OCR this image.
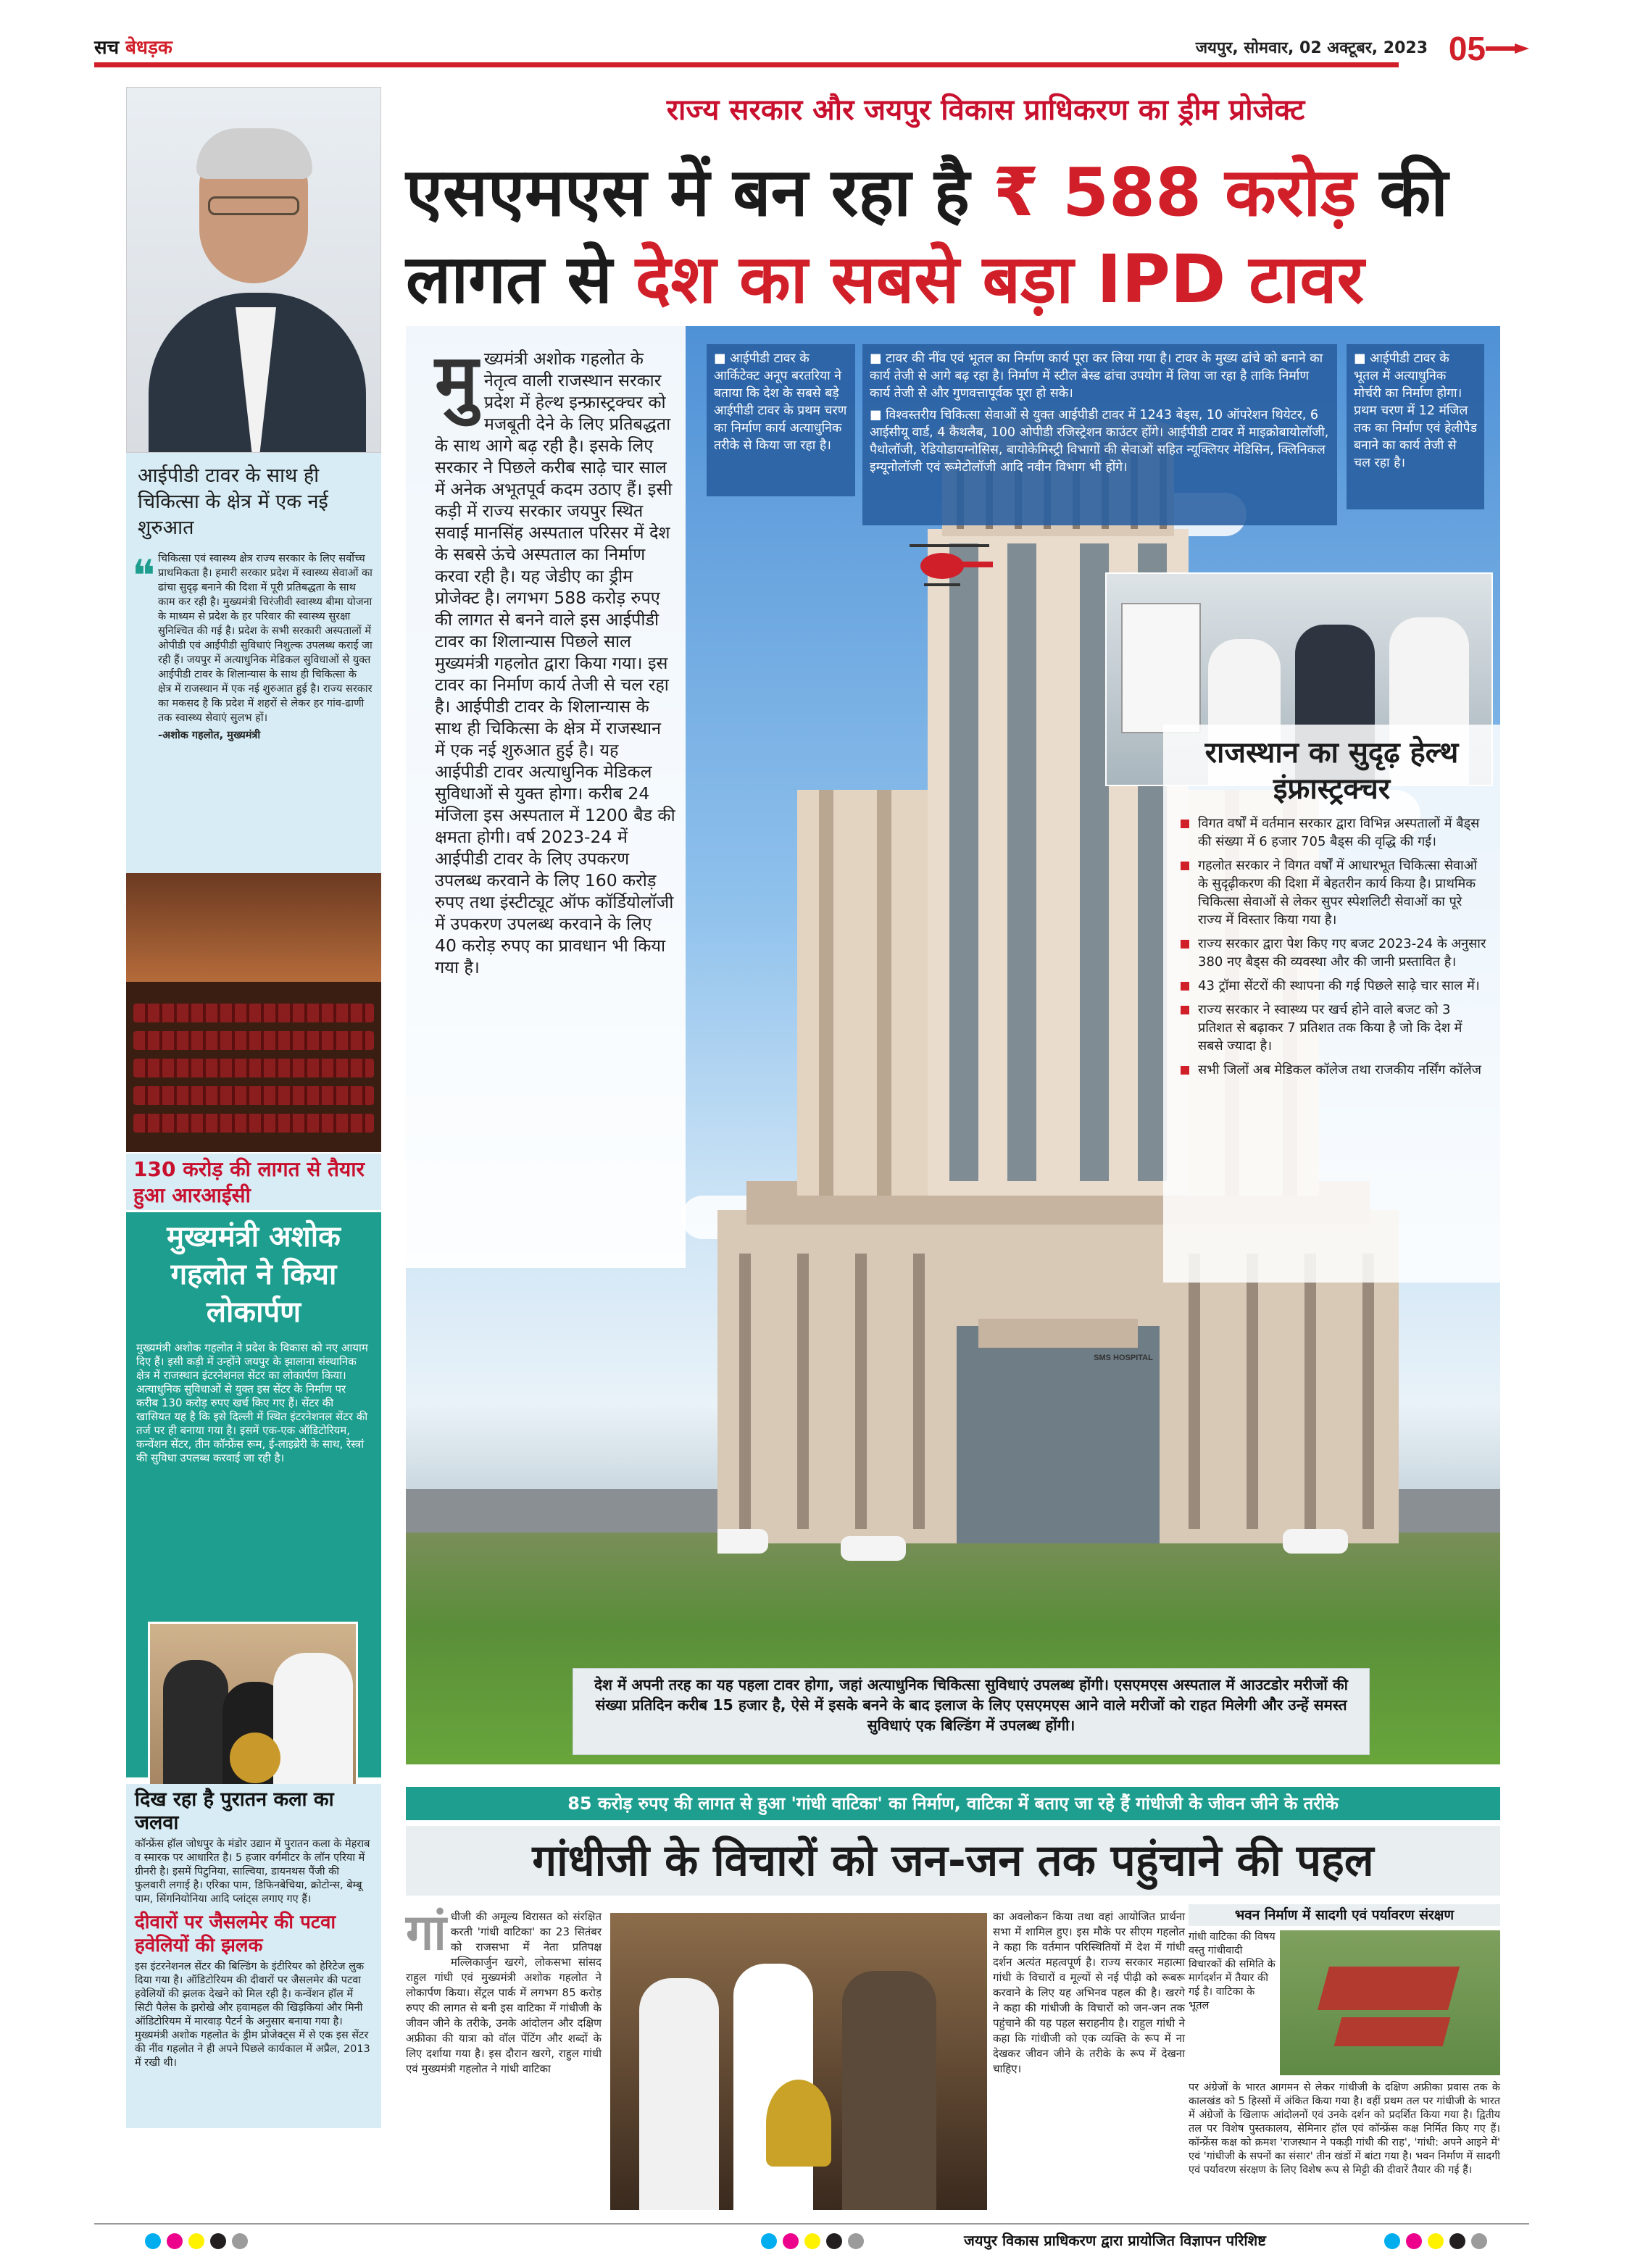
सच बेधड़क	जयपुर, सोमवार, 02 अक्टूबर, 2023 05
आईपीडी टावर के साथ ही चिकित्सा के क्षेत्र में एक नई शुरुआत
❝ चिकित्सा एवं स्वास्थ्य क्षेत्र राज्य सरकार के लिए सर्वोच्च प्राथमिकता है। हमारी सरकार प्रदेश में स्वास्थ्य सेवाओं का ढांचा सुदृढ़ बनाने की दिशा में पूरी प्रतिबद्धता के साथ काम कर रही है। मुख्यमंत्री चिरंजीवी स्वास्थ्य बीमा योजना के माध्यम से प्रदेश के हर परिवार की स्वास्थ्य सुरक्षा सुनिश्चित की गई है। प्रदेश के सभी सरकारी अस्पतालों में ओपीडी एवं आईपीडी सुविधाएं निशुल्क उपलब्ध कराई जा रही हैं। जयपुर में अत्याधुनिक मेडिकल सुविधाओं से युक्त आईपीडी टावर के शिलान्यास के साथ ही चिकित्सा के क्षेत्र में राजस्थान में एक नई शुरुआत हुई है। राज्य सरकार का मकसद है कि प्रदेश में शहरों से लेकर हर गांव-ढाणी तक स्वास्थ्य सेवाएं सुलभ हों।
-अशोक गहलोत, मुख्यमंत्री
130 करोड़ की लागत से तैयार हुआ आरआईसी
मुख्यमंत्री अशोक गहलोत ने किया लोकार्पण
मुख्यमंत्री अशोक गहलोत ने प्रदेश के विकास को नए आयाम दिए हैं। इसी कड़ी में उन्होंने जयपुर के झालाना संस्थानिक क्षेत्र में राजस्थान इंटरनेशनल सेंटर का लोकार्पण किया। अत्याधुनिक सुविधाओं से युक्त इस सेंटर के निर्माण पर करीब 130 करोड़ रुपए खर्च किए गए हैं। सेंटर की खासियत यह है कि इसे दिल्ली में स्थित इंटरनेशनल सेंटर की तर्ज पर ही बनाया गया है। इसमें एक-एक ऑडिटोरियम, कन्वेंशन सेंटर, तीन कॉन्फ्रेंस रूम, ई-लाइब्रेरी के साथ, रेस्त्रां की सुविधा उपलब्ध करवाई जा रही है।
दिख रहा है पुरातन कला का जलवा

कॉन्फ्रेंस हॉल जोधपुर के मंडोर उद्यान में पुरातन कला के मेहराब व स्मारक पर आधारित है। 5 हजार वर्गमीटर के लॉन एरिया में ग्रीनरी है। इसमें पिटुनिया, साल्विया, डायनथस पैंजी की फुलवारी लगाई है। एरिका पाम, डिफिनबेचिया, क्रोटोन्स, बेम्बू पाम, सिंगनियोनिया आदि प्लांट्स लगाए गए हैं।

दीवारों पर जैसलमेर की पटवा हवेलियों की झलक

इस इंटरनेशनल सेंटर की बिल्डिंग के इंटीरियर को हेरिटेज लुक दिया गया है। ऑडिटोरियम की दीवारों पर जैसलमेर की पटवा हवेलियों की झलक देखने को मिल रही है। कन्वेंशन हॉल में सिटी पैलेस के झरोखे और हवामहल की खिड़कियां और मिनी ऑडिटोरियम में मारवाड़ पैटर्न के अनुसार बनाया गया है। मुख्यमंत्री अशोक गहलोत के ड्रीम प्रोजेक्ट्स में से एक इस सेंटर की नींव गहलोत ने ही अपने पिछले कार्यकाल में अप्रैल, 2013 में रखी थी।

राज्य सरकार और जयपुर विकास प्राधिकरण का ड्रीम प्रोजेक्ट
एसएमएस में बन रहा है ₹ 588 करोड़ की
लागत से देश का सबसे बड़ा IPD टावर
मु ख्यमंत्री अशोक गहलोत के नेतृत्व वाली राजस्थान सरकार प्रदेश में हेल्थ इन्फ्रास्ट्रक्चर को मजबूती देने के लिए प्रतिबद्धता के साथ आगे बढ़ रही है। इसके लिए सरकार ने पिछले करीब साढ़े चार साल में अनेक अभूतपूर्व कदम उठाए हैं। इसी कड़ी में राज्य सरकार जयपुर स्थित सवाई मानसिंह अस्पताल परिसर में देश के सबसे ऊंचे अस्पताल का निर्माण करवा रही है। यह जेडीए का ड्रीम प्रोजेक्ट है। लगभग 588 करोड़ रुपए की लागत से बनने वाले इस आईपीडी टावर का शिलान्यास पिछले साल मुख्यमंत्री गहलोत द्वारा किया गया। इस टावर का निर्माण कार्य तेजी से चल रहा है। आईपीडी टावर के शिलान्यास के साथ ही चिकित्सा के क्षेत्र में राजस्थान में एक नई शुरुआत हुई है। यह आईपीडी टावर अत्याधुनिक मेडिकल सुविधाओं से युक्त होगा। करीब 24 मंजिला इस अस्पताल में 1200 बैड की क्षमता होगी। वर्ष 2023-24 में आईपीडी टावर के लिए उपकरण उपलब्ध करवाने के लिए 160 करोड़ रुपए तथा इंस्टीट्यूट ऑफ कॉर्डियोलॉजी में उपकरण उपलब्ध करवाने के लिए 40 करोड़ रुपए का प्रावधान भी किया गया है।
■ आईपीडी टावर के आर्किटेक्ट अनूप बरतरिया ने बताया कि देश के सबसे बड़े आईपीडी टावर के प्रथम चरण का निर्माण कार्य अत्याधुनिक तरीके से किया जा रहा है।
■ टावर की नींव एवं भूतल का निर्माण कार्य पूरा कर लिया गया है। टावर के मुख्य ढांचे को बनाने का कार्य तेजी से आगे बढ़ रहा है। निर्माण में स्टील बेस्ड ढांचा उपयोग में लिया जा रहा है ताकि निर्माण कार्य तेजी से और गुणवत्तापूर्वक पूरा हो सके।
■ विश्वस्तरीय चिकित्सा सेवाओं से युक्त आईपीडी टावर में 1243 बेड्स, 10 ऑपरेशन थियेटर, 6 आईसीयू वार्ड, 4 कैथलैब, 100 ओपीडी रजिस्ट्रेशन काउंटर होंगे। आईपीडी टावर में माइक्रोबायोलॉजी, पैथोलॉजी, रेडियोडायग्नोसिस, बायोकेमिस्ट्री विभागों की सेवाओं सहित न्यूक्लियर मेडिसिन, क्लिनिकल इम्यूनोलॉजी एवं रूमेटोलॉजी आदि नवीन विभाग भी होंगे।
■ आईपीडी टावर के भूतल में अत्याधुनिक मोर्चरी का निर्माण होगा। प्रथम चरण में 12 मंजिल तक का निर्माण एवं हेलीपैड बनाने का कार्य तेजी से चल रहा है।
राजस्थान का सुदृढ़ हेल्थ इंफ्रास्ट्रक्चर
विगत वर्षों में वर्तमान सरकार द्वारा विभिन्न अस्पतालों में बैड्स की संख्या में 6 हजार 705 बैड्स की वृद्धि की गई।
गहलोत सरकार ने विगत वर्षों में आधारभूत चिकित्सा सेवाओं के सुदृढ़ीकरण की दिशा में बेहतरीन कार्य किया है। प्राथमिक चिकित्सा सेवाओं से लेकर सुपर स्पेशलिटी सेवाओं का पूरे राज्य में विस्तार किया गया है।
राज्य सरकार द्वारा पेश किए गए बजट 2023-24 के अनुसार 380 नए बैड्स की व्यवस्था और की जानी प्रस्तावित है।
43 ट्रॉमा सेंटरों की स्थापना की गई पिछले साढ़े चार साल में।
राज्य सरकार ने स्वास्थ्य पर खर्च होने वाले बजट को 3 प्रतिशत से बढ़ाकर 7 प्रतिशत तक किया है जो कि देश में सबसे ज्यादा है।
सभी जिलों अब मेडिकल कॉलेज तथा राजकीय नर्सिंग कॉलेज
SMS HOSPITAL
देश में अपनी तरह का यह पहला टावर होगा, जहां अत्याधुनिक चिकित्सा सुविधाएं उपलब्ध होंगी। एसएमएस अस्पताल में आउटडोर मरीजों की संख्या प्रतिदिन करीब 15 हजार है, ऐसे में इसके बनने के बाद इलाज के लिए एसएमएस आने वाले मरीजों को राहत मिलेगी और उन्हें समस्त सुविधाएं एक बिल्डिंग में उपलब्ध होंगी।
85 करोड़ रुपए की लागत से हुआ 'गांधी वाटिका' का निर्माण, वाटिका में बताए जा रहे हैं गांधीजी के जीवन जीने के तरीके
गांधीजी के विचारों को जन-जन तक पहुंचाने की पहल
गां धीजी की अमूल्य विरासत को संरक्षित करती 'गांधी वाटिका' का 23 सितंबर को राजसभा में नेता प्रतिपक्ष मल्लिकार्जुन खरगे, लोकसभा सांसद राहुल गांधी एवं मुख्यमंत्री अशोक गहलोत ने लोकार्पण किया। सेंट्रल पार्क में लगभग 85 करोड़ रुपए की लागत से बनी इस वाटिका में गांधीजी के जीवन जीने के तरीके, उनके आंदोलन और दक्षिण अफ्रीका की यात्रा को वॉल पेंटिंग और शब्दों के लिए दर्शाया गया है। इस दौरान खरगे, राहुल गांधी एवं मुख्यमंत्री गहलोत ने गांधी वाटिका
का अवलोकन किया तथा वहां आयोजित प्रार्थना सभा में शामिल हुए। इस मौके पर सीएम गहलोत ने कहा कि वर्तमान परिस्थितियों में देश में गांधी दर्शन अत्यंत महत्वपूर्ण है। राज्य सरकार महात्मा गांधी के विचारों व मूल्यों से नई पीढ़ी को रूबरू करवाने के लिए यह अभिनव पहल की है। खरगे ने कहा की गांधीजी के विचारों को जन-जन तक पहुंचाने की यह पहल सराहनीय है। राहुल गांधी ने कहा कि गांधीजी को एक व्यक्ति के रूप में ना देखकर जीवन जीने के तरीके के रूप में देखना चाहिए।
भवन निर्माण में सादगी एवं पर्यावरण संरक्षण
गांधी वाटिका की विषय वस्तु गांधीवादी विचारकों की समिति के मार्गदर्शन में तैयार की गई है। वाटिका के भूतल
पर अंग्रेजों के भारत आगमन से लेकर गांधीजी के दक्षिण अफ्रीका प्रवास तक के कालखंड को 5 हिस्सों में अंकित किया गया है। वहीं प्रथम तल पर गांधीजी के भारत में अंग्रेजों के खिलाफ आंदोलनों एवं उनके दर्शन को प्रदर्शित किया गया है। द्वितीय तल पर विशेष पुस्तकालय, सेमिनार हॉल एवं कॉन्फ्रेंस कक्ष निर्मित किए गए हैं। कॉन्फ्रेंस कक्ष को क्रमश 'राजस्थान ने पकड़ी गांधी की राह', 'गांधी: अपने आइने में' एवं 'गांधीजी के सपनों का संसार' तीन खंडों में बांटा गया है। भवन निर्माण में सादगी एवं पर्यावरण संरक्षण के लिए विशेष रूप से मिट्टी की दीवारें तैयार की गई हैं।
जयपुर विकास प्राधिकरण द्वारा प्रायोजित विज्ञापन परिशिष्ट
